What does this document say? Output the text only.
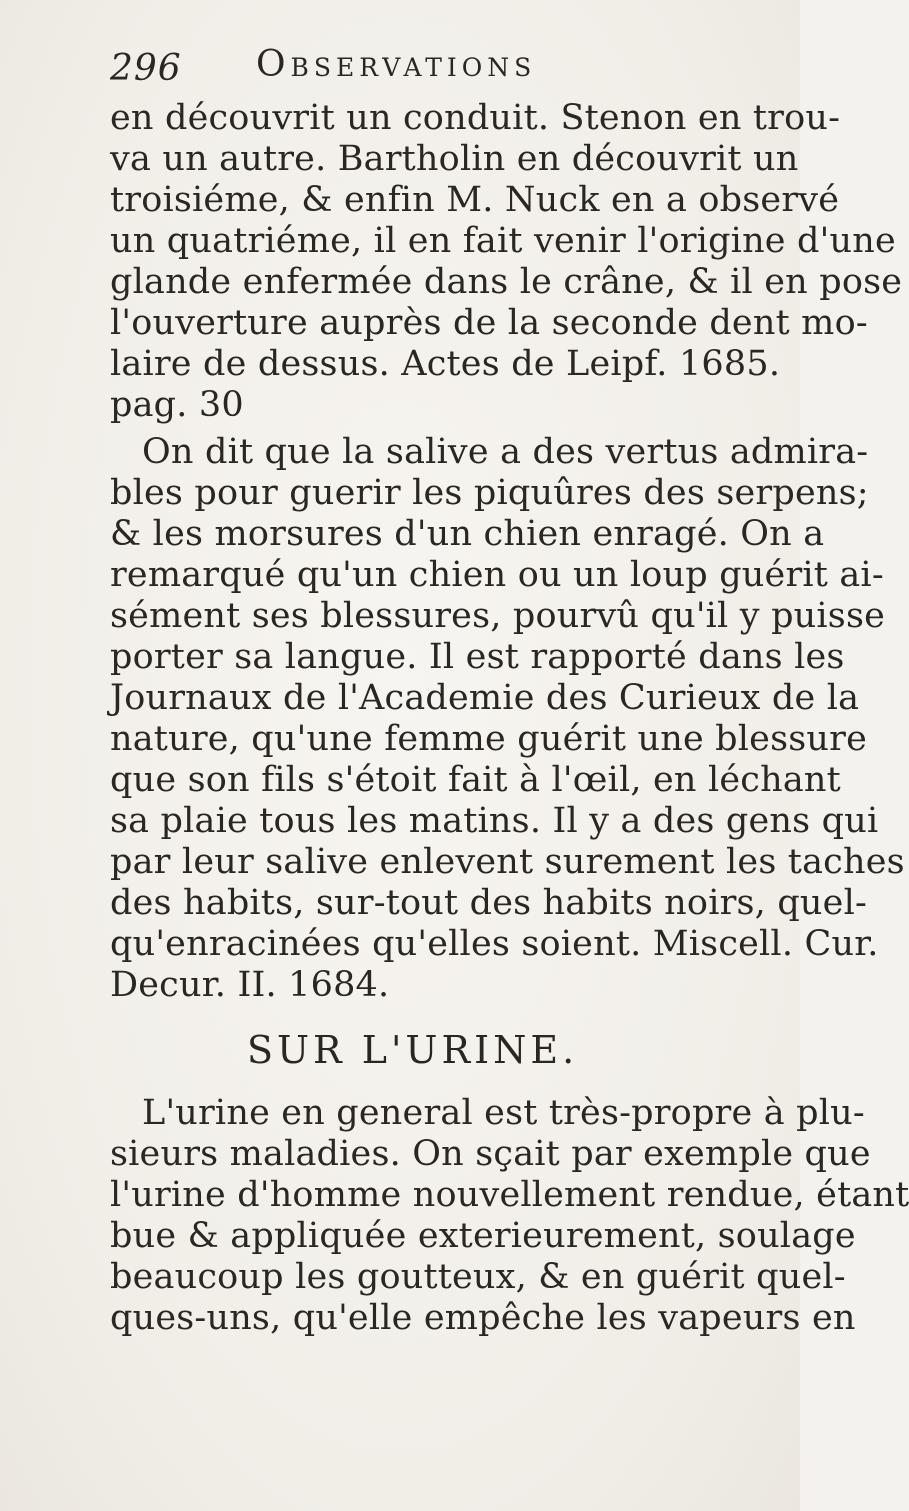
296 Observations
en découvrit un conduit. Stenon en trou-
va un autre. Bartholin en découvrit un
troisiéme, & enfin M. Nuck en a observé
un quatriéme, il en fait venir l'origine d'une
glande enfermée dans le crâne, & il en pose
l'ouverture auprès de la seconde dent mo-
laire de dessus. Actes de Leipf. 1685.
pag. 30
On dit que la salive a des vertus admira-
bles pour guerir les piquûres des serpens;
& les morsures d'un chien enragé. On a
remarqué qu'un chien ou un loup guérit ai-
sément ses blessures, pourvû qu'il y puisse
porter sa langue. Il est rapporté dans les
Journaux de l'Academie des Curieux de la
nature, qu'une femme guérit une blessure
que son fils s'étoit fait à l'œil, en léchant
sa plaie tous les matins. Il y a des gens qui
par leur salive enlevent surement les taches
des habits, sur-tout des habits noirs, quel-
qu'enracinées qu'elles soient. Miscell. Cur.
Decur. II. 1684.
SUR L'URINE.
L'urine en general est très-propre à plu-
sieurs maladies. On sçait par exemple que
l'urine d'homme nouvellement rendue, étant
bue & appliquée exterieurement, soulage
beaucoup les goutteux, & en guérit quel-
ques-uns, qu'elle empêche les vapeurs en
